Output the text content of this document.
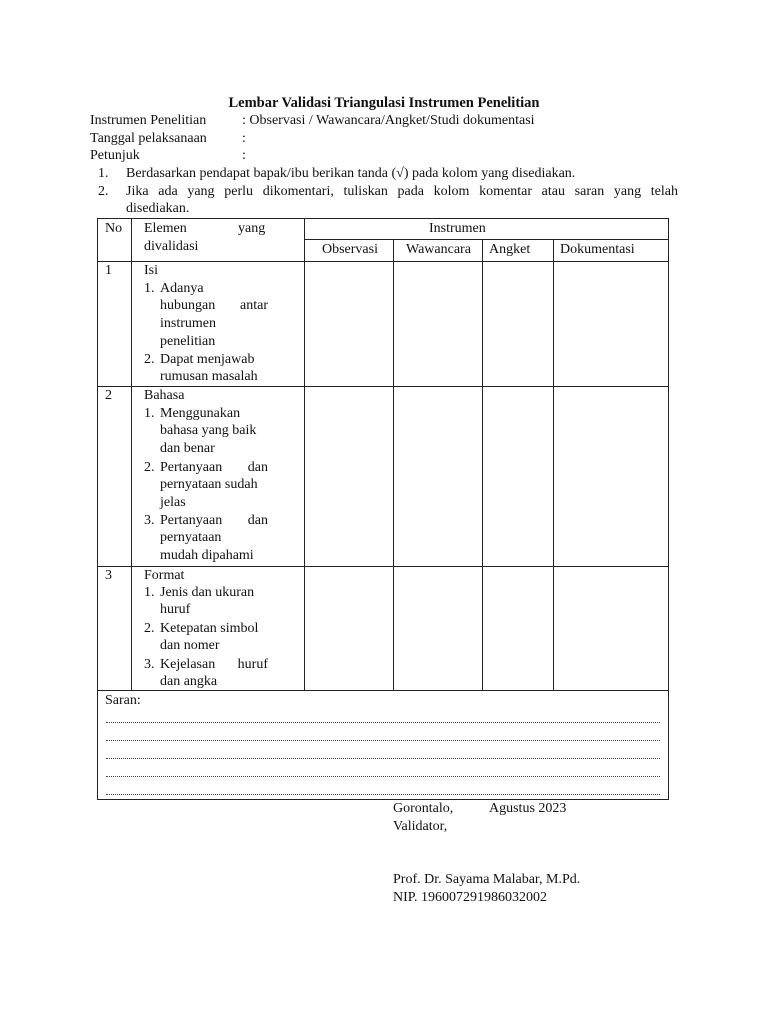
Lembar Validasi Triangulasi Instrumen Penelitian
Instrumen Penelitian	: Observasi / Wawancara/Angket/Studi dokumentasi
Tanggal pelaksanaan	:
Petunjuk	:
1. Berdasarkan pendapat bapak/ibu berikan tanda (√) pada kolom yang disediakan.
2. Jika ada yang perlu dikomentari, tuliskan pada kolom komentar atau saran yang telah
disediakan.
No Elemen	yang
divalidasi
Instrumen
Observasi Wawancara Angket Dokumentasi
1 Isi
1. Adanya
hubungan antar
instrumen
penelitian
2. Dapat menjawab
rumusan masalah
2 Bahasa
1. Menggunakan
bahasa yang baik
dan benar
2. Pertanyaan dan
pernyataan sudah
jelas
3. Pertanyaan dan
pernyataan
mudah dipahami
3 Format
1. Jenis dan ukuran
huruf
2. Ketepatan simbol
dan nomer
3. Kejelasan huruf
dan angka
Saran:
Gorontalo,	Agustus 2023
Validator,
Prof. Dr. Sayama Malabar, M.Pd.
NIP. 196007291986032002
